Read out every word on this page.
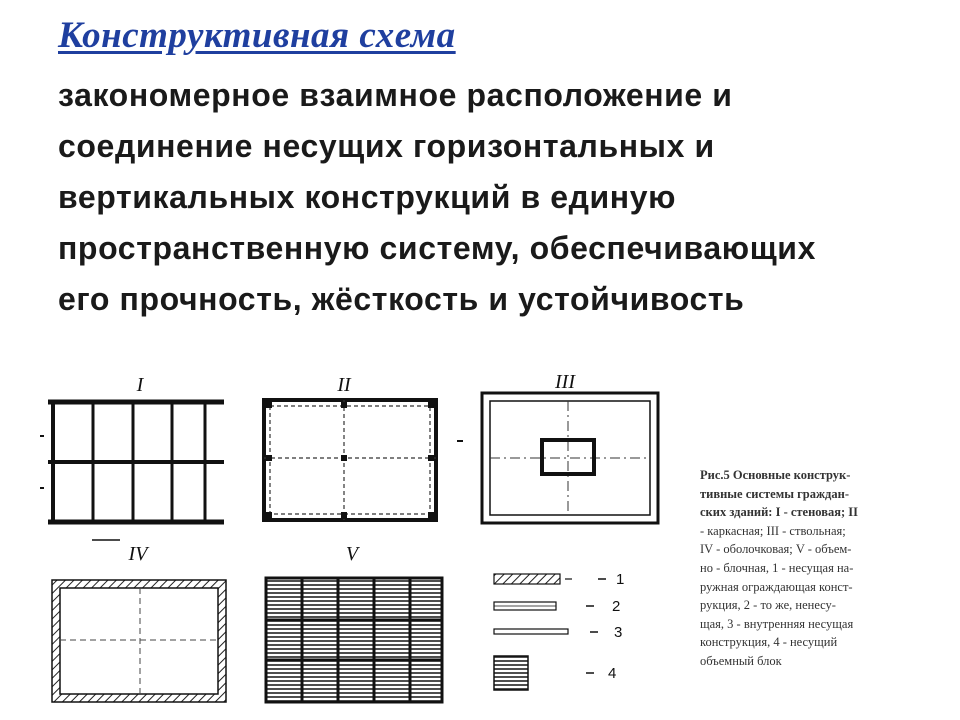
Конструктивная схема
закономерное взаимное расположение и
соединение несущих горизонтальных и
вертикальных конструкций в единую
пространственную систему, обеспечивающих
его прочность, жёсткость и устойчивость
I	II	III
IV	V
1
2
3
4
Рис.5 Основные конструк-
тивные системы граждан-
ских зданий: I - стеновая; II
- каркасная; III - ствольная;
IV - оболочковая; V - объем-
но - блочная, 1 - несущая на-
ружная ограждающая конст-
рукция, 2 - то же, ненесу-
щая, 3 - внутренняя несущая
конструкция, 4 - несущий
объемный блок
